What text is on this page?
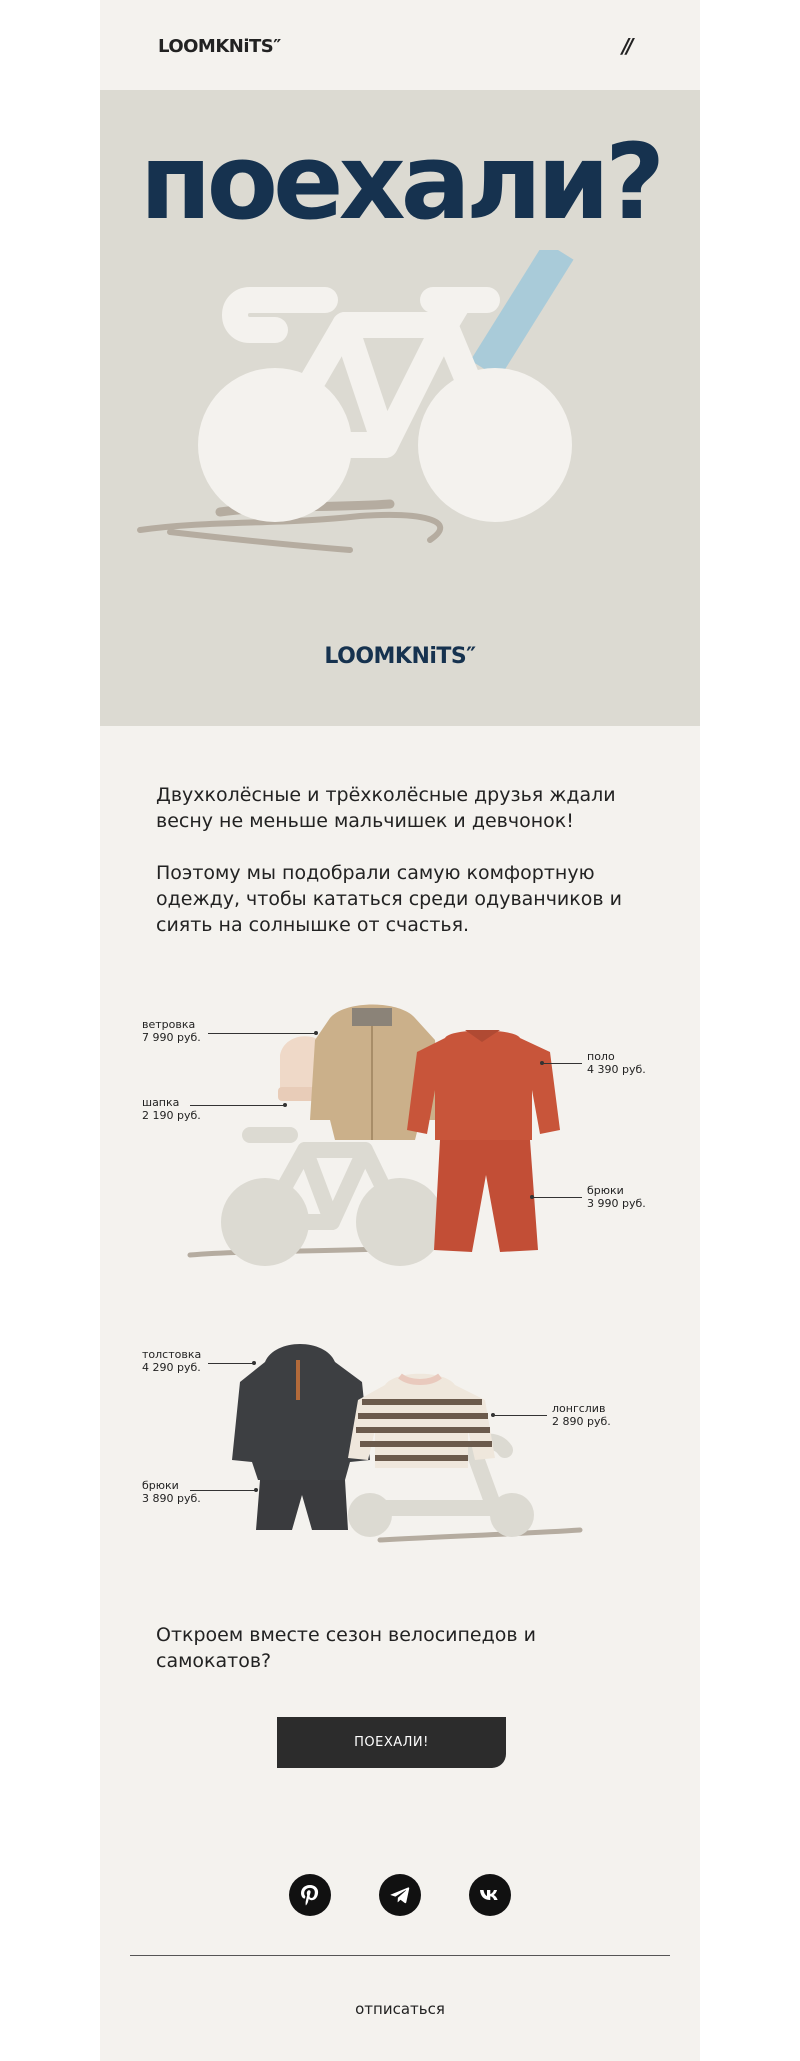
LOOMKNiTS″	//
поехали?
LOOMKNiTS″
Двухколёсные и трёхколёсные друзья ждали весну не меньше мальчишек и девчонок!
Поэтому мы подобрали самую комфортную одежду, чтобы кататься среди одуванчиков и сиять на солнышке от счастья.
ветровка
7 990 руб.
шапка
2 190 руб.
поло
4 390 руб.
брюки
3 990 руб.
толстовка
4 290 руб.
лонгслив
2 890 руб.
брюки
3 890 руб.
Откроем вместе сезон велосипедов и самокатов?
ПОЕХАЛИ!
отписаться
